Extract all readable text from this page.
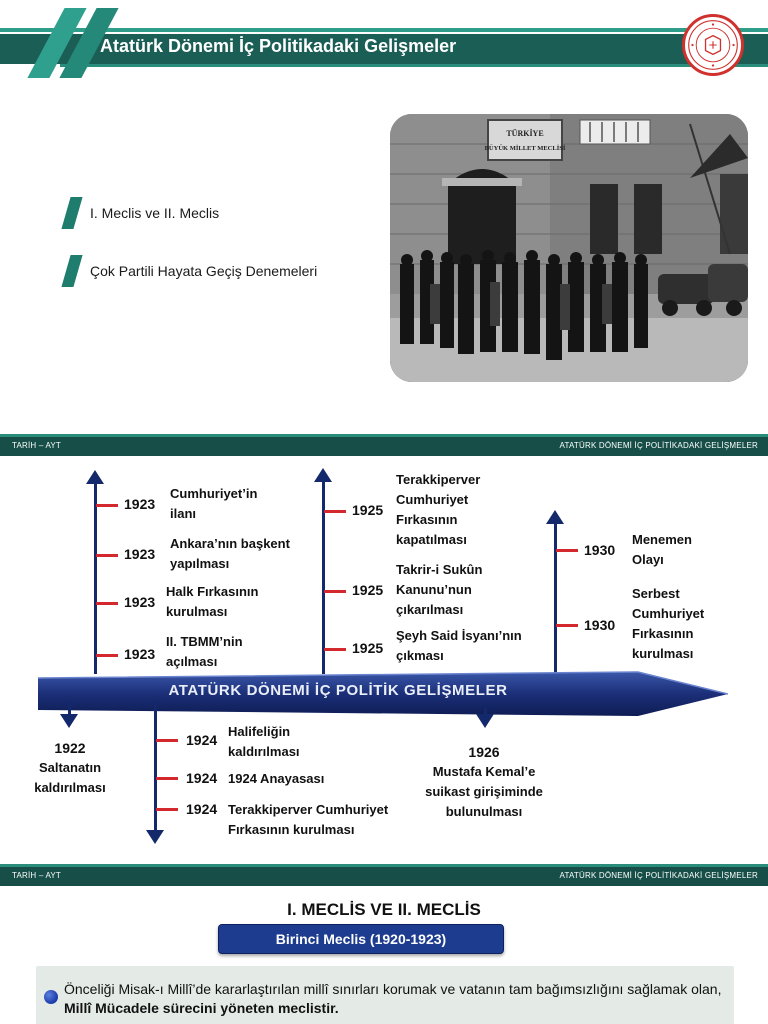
Atatürk Dönemi İç Politikadaki Gelişmeler
I. Meclis ve II. Meclis
Çok Partili Hayata Geçiş Denemeleri
TÜRKİYE
BÜYÜK MİLLET MECLİSİ
TARİH – AYT	ATATÜRK DÖNEMİ İÇ POLİTİKADAKİ GELİŞMELER
1923
1923
1923
1923
Cumhuriyet’in ilanı
Ankara’nın başkent yapılması
Halk Fırkasının kurulması
II. TBMM’nin açılması
1925
1925
1925
Terakkiperver Cumhuriyet Fırkasının kapatılması
Takrir-i Sukûn Kanunu’nun çıkarılması
Şeyh Said İsyanı’nın çıkması
1930
1930
Menemen Olayı
Serbest Cumhuriyet Fırkasının kurulması
ATATÜRK DÖNEMİ İÇ POLİTİK GELİŞMELER
1922
Saltanatın kaldırılması
1924
1924
1924
Halifeliğin kaldırılması
1924 Anayasası
Terakkiperver Cumhuriyet Fırkasının kurulması
1926
Mustafa Kemal’e suikast girişiminde bulunulması
TARİH – AYT	ATATÜRK DÖNEMİ İÇ POLİTİKADAKİ GELİŞMELER
I. MECLİS VE II. MECLİS
Birinci Meclis (1920-1923)

Önceliği Misak-ı Millî’de kararlaştırılan millî sınırları korumak ve vatanın tam bağımsızlığını sağlamak olan, Millî Mücadele sürecini yöneten meclistir.
